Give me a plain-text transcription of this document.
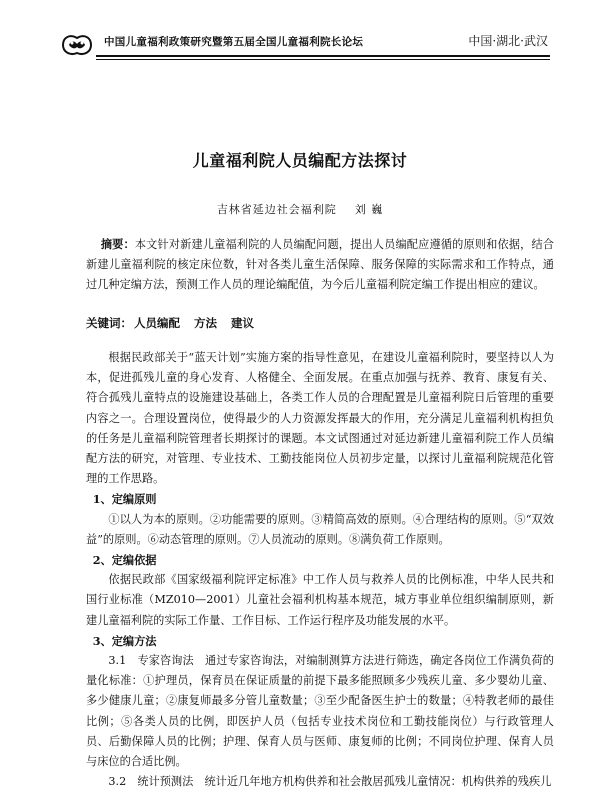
中国儿童福利政策研究暨第五届全国儿童福利院长论坛	中国·湖北·武汉
儿童福利院人员编配方法探讨
吉林省延边社会福利院 刘 巍
摘要：本文针对新建儿童福利院的人员编配问题，提出人员编配应遵循的原则和依据，结合新建儿童福利院的核定床位数，针对各类儿童生活保障、服务保障的实际需求和工作特点，通过几种定编方法，预测工作人员的理论编配值，为今后儿童福利院定编工作提出相应的建议。
关键词： 人员编配 方法 建议

根据民政部关于“蓝天计划”实施方案的指导性意见，在建设儿童福利院时，要坚持以人为本，促进孤残儿童的身心发育、人格健全、全面发展。在重点加强与抚养、教育、康复有关、符合孤残儿童特点的设施建设基础上，各类工作人员的合理配置是儿童福利院日后管理的重要内容之一。合理设置岗位，使得最少的人力资源发挥最大的作用，充分满足儿童福利机构担负的任务是儿童福利院管理者长期探讨的课题。本文试图通过对延边新建儿童福利院工作人员编配方法的研究，对管理、专业技术、工勤技能岗位人员初步定量，以探讨儿童福利院规范化管理的工作思路。

1、定编原则

①以人为本的原则。②功能需要的原则。③精简高效的原则。④合理结构的原则。⑤“双效益”的原则。⑥动态管理的原则。⑦人员流动的原则。⑧满负荷工作原则。

2、定编依据

依据民政部《国家级福利院评定标准》中工作人员与救养人员的比例标准，中华人民共和国行业标准（MZ010—2001）儿童社会福利机构基本规范，城方事业单位组织编制原则，新建儿童福利院的实际工作量、工作目标、工作运行程序及功能发展的水平。

3、定编方法

3.1　专家咨询法　通过专家咨询法，对编制测算方法进行筛选，确定各岗位工作满负荷的量化标准：①护理员，保育员在保证质量的前提下最多能照顾多少残疾儿童、多少婴幼儿童、多少健康儿童；②康复师最多分管儿童数量；③至少配备医生护士的数量；④特教老师的最佳比例；⑤各类人员的比例，即医护人员（包括专业技术岗位和工勤技能岗位）与行政管理人员、后勤保障人员的比例；护理、保育人员与医师、康复师的比例；不同岗位护理、保育人员与床位的合适比例。

3.2　统计预测法　统计近几年地方机构供养和社会散居孤残儿童情况：机构供养的残疾儿
